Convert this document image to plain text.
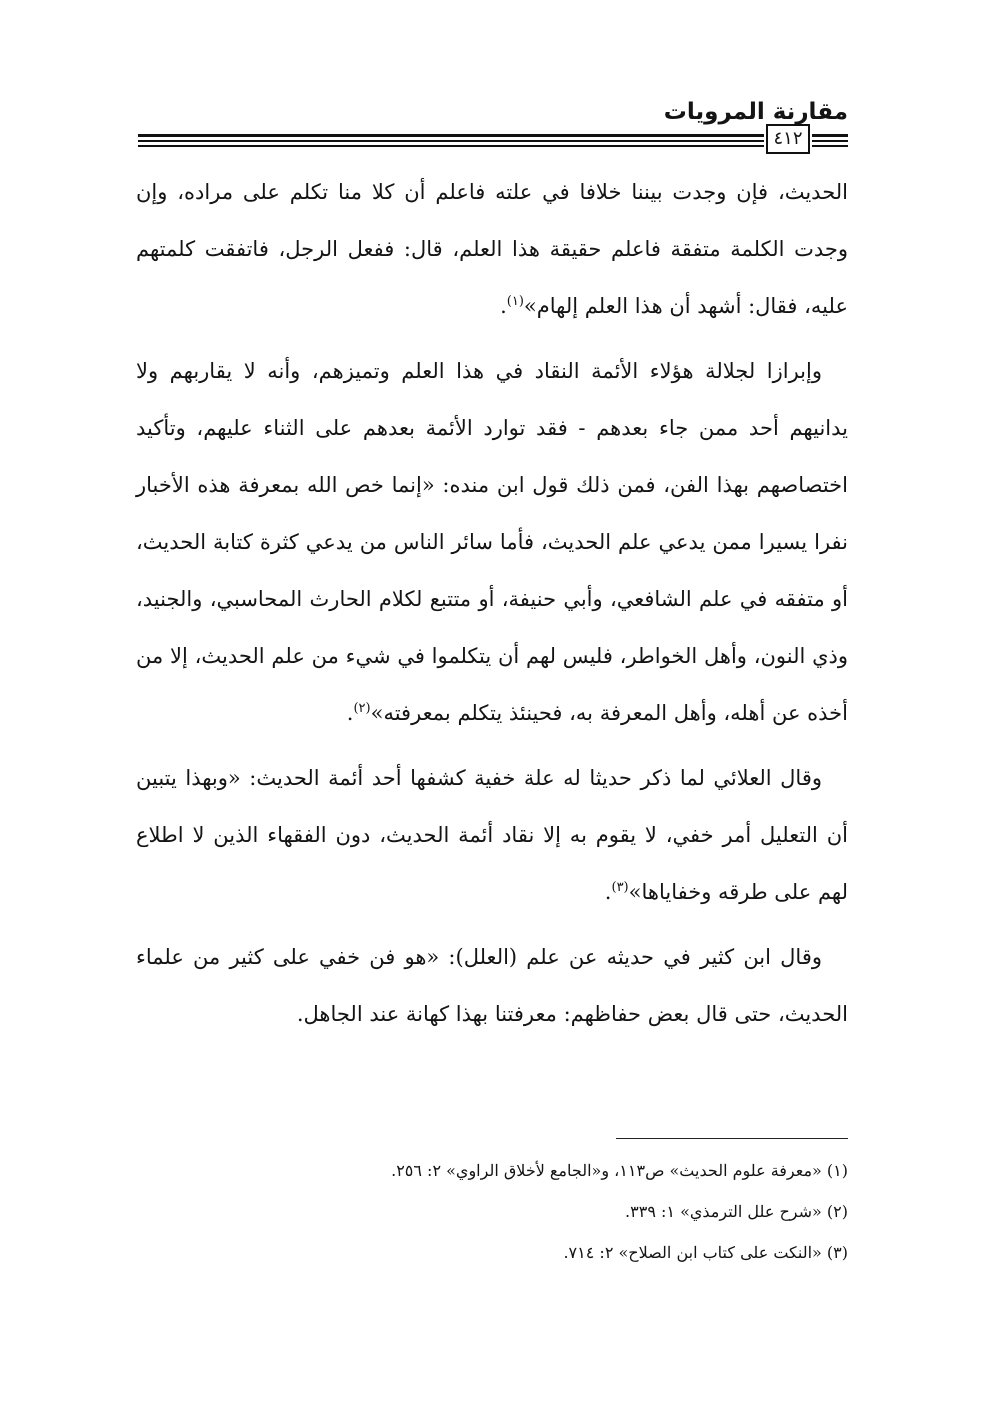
مقارنة المرويات
٤١٢

الحديث، فإن وجدت بيننا خلافا في علته فاعلم أن كلا منا تكلم على مراده، وإن وجدت الكلمة متفقة فاعلم حقيقة هذا العلم، قال: ففعل الرجل، فاتفقت كلمتهم عليه، فقال: أشهد أن هذا العلم إلهام»$^{(١)}$.

وإبرازا لجلالة هؤلاء الأئمة النقاد في هذا العلم وتميزهم، وأنه لا يقاربهم ولا يدانيهم أحد ممن جاء بعدهم - فقد توارد الأئمة بعدهم على الثناء عليهم، وتأكيد اختصاصهم بهذا الفن، فمن ذلك قول ابن منده: «إنما خص الله بمعرفة هذه الأخبار نفرا يسيرا ممن يدعي علم الحديث، فأما سائر الناس من يدعي كثرة كتابة الحديث، أو متفقه في علم الشافعي، وأبي حنيفة، أو متتبع لكلام الحارث المحاسبي، والجنيد، وذي النون، وأهل الخواطر، فليس لهم أن يتكلموا في شيء من علم الحديث، إلا من أخذه عن أهله، وأهل المعرفة به، فحينئذ يتكلم بمعرفته»$^{(٢)}$.

وقال العلائي لما ذكر حديثا له علة خفية كشفها أحد أئمة الحديث: «وبهذا يتبين أن التعليل أمر خفي، لا يقوم به إلا نقاد أئمة الحديث، دون الفقهاء الذين لا اطلاع لهم على طرقه وخفاياها»$^{(٣)}$.

وقال ابن كثير في حديثه عن علم (العلل): «هو فن خفي على كثير من علماء الحديث، حتى قال بعض حفاظهم: معرفتنا بهذا كهانة عند الجاهل.

(١) «معرفة علوم الحديث» ص١١٣، و«الجامع لأخلاق الراوي» ٢: ٢٥٦.

(٢) «شرح علل الترمذي» ١: ٣٣٩.

(٣) «النكت على كتاب ابن الصلاح» ٢: ٧١٤.
